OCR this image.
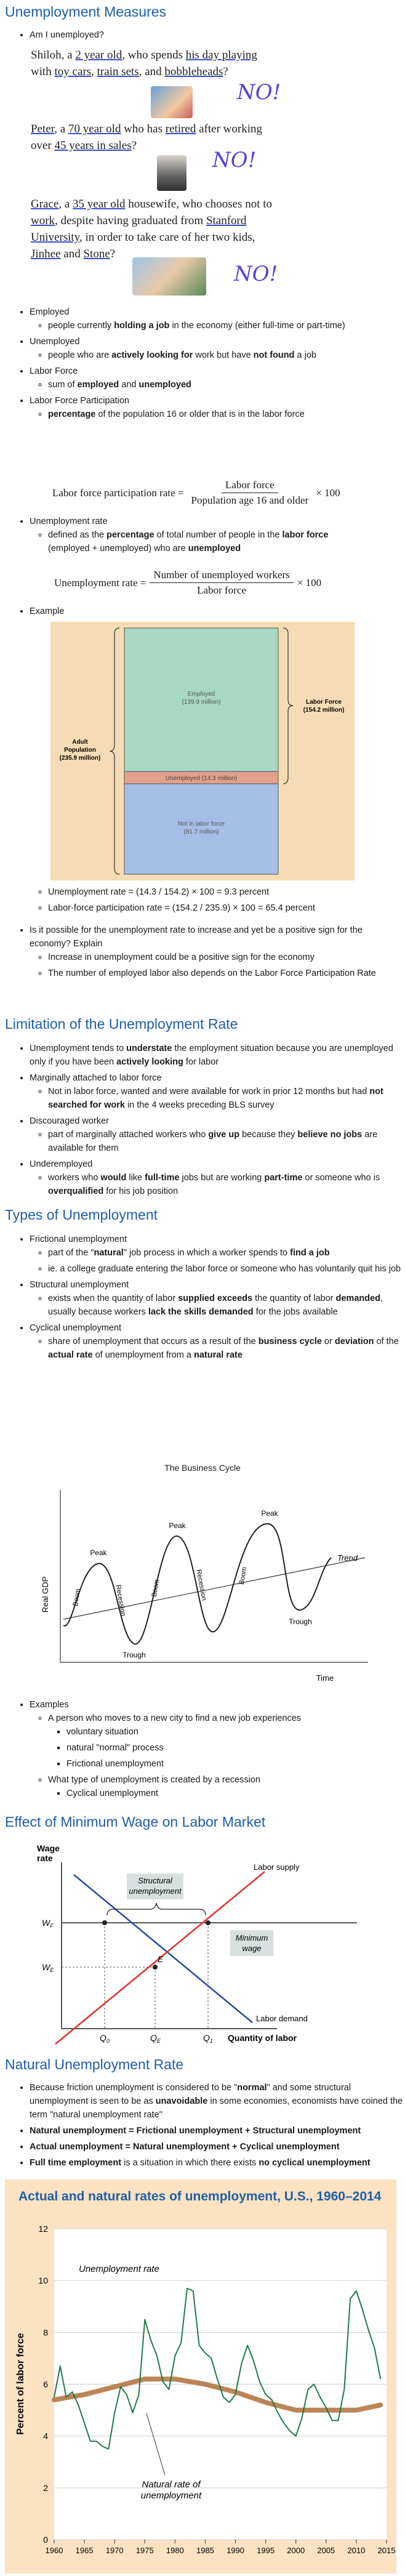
Unemployment Measures
• Am I unemployed?
Shiloh, a 2 year old, who spends his day playing
with toy cars, train sets, and bobbleheads?
NO!
Peter, a 70 year old who has retired after working
over 45 years in sales?
NO!
Grace, a 35 year old housewife, who chooses not to
work, despite having graduated from Stanford
University, in order to take care of her two kids,
Jinhee and Stone?
NO!
• Employed
◦ people currently holding a job in the economy (either full-time or part-time)
• Unemployed
◦ people who are actively looking for work but have not found a job
• Labor Force
◦ sum of employed and unemployed
• Labor Force Participation
◦ percentage of the population 16 or older that is in the labor force
Labor force participation rate = $\frac{\text{Labor force}}{\text{Population age 16 and older}} \times 100$
• Unemployment rate
◦ defined as the percentage of total number of people in the labor force
(employed + unemployed) who are unemployed
Unemployment rate = $\frac{\text{Number of unemployed workers}}{\text{Labor force}} \times 100$
• Example
Employed
(139.9 million)
Unemployed (14.3 million)
Not in labor force
(81.7 million)
Adult
Population
(235.9 million)
Labor Force
(154.2 million)
◦ Unemployment rate = (14.3 / 154.2) × 100 = 9.3 percent
◦ Labor-force participation rate = (154.2 / 235.9) × 100 = 65.4 percent
• Is it possible for the unemployment rate to increase and yet be a positive sign for the economy? Explain
◦ Increase in unemployment could be a positive sign for the economy
◦ The number of employed labor also depends on the Labor Force Participation Rate
Limitation of the Unemployment Rate
• Unemployment tends to understate the employment situation because you are unemployed only if you have been actively looking for labor
• Marginally attached to labor force
◦ Not in labor force, wanted and were available for work in prior 12 months but had not searched for work in the 4 weeks preceding BLS survey
• Discouraged worker
◦ part of marginally attached workers who give up because they believe no jobs are available for them
• Underemployed
◦ workers who would like full-time jobs but are working part-time or someone who is overqualified for his job position
Types of Unemployment
• Frictional unemployment
◦ part of the "natural" job process in which a worker spends to find a job
◦ ie. a college graduate entering the labor force or someone who has voluntarily quit his job
• Structural unemployment
◦ exists when the quantity of labor supplied exceeds the quantity of labor demanded, usually because workers lack the skills demanded for the jobs available
• Cyclical unemployment
◦ share of unemployment that occurs as a result of the business cycle or deviation of the actual rate of unemployment from a natural rate
The Business Cycle
Real GDP
Time
Trend
Peak
Peak
Peak
Trough
Trough
Boom	Recession	Boom	Recession	Boom
• Examples
◦ A person who moves to a new city to find a new job experiences
▪ voluntary situation
▪ natural "normal" process
▪ Frictional unemployment
◦ What type of unemployment is created by a recession
▪ Cyclical unemployment
Effect of Minimum Wage on Labor Market
Wage
rate
E
$W_F$
$W_E$
$Q_0$	$Q_E$	$Q_1$ Quantity of labor
Labor supply
Labor demand
Structural
unemployment
Minimum
wage
Natural Unemployment Rate
• Because friction unemployment is considered to be "normal" and some structural unemployment is seen to be as unavoidable in some economies, economists have coined the term "natural unemployment rate"
• Natural unemployment = Frictional unemployment + Structural unemployment
• Actual unemployment = Natural unemployment + Cyclical unemployment
• Full time employment is a situation in which there exists no cyclical unemployment
Actual and natural rates of unemployment, U.S., 1960–2014
0
2
4
6
8
10
12
1960 1965 1970 1975 1980 1985 1990 1995 2000 2005 2010 2015
Percent of labor force
Unemployment rate
Natural rate of
unemployment
